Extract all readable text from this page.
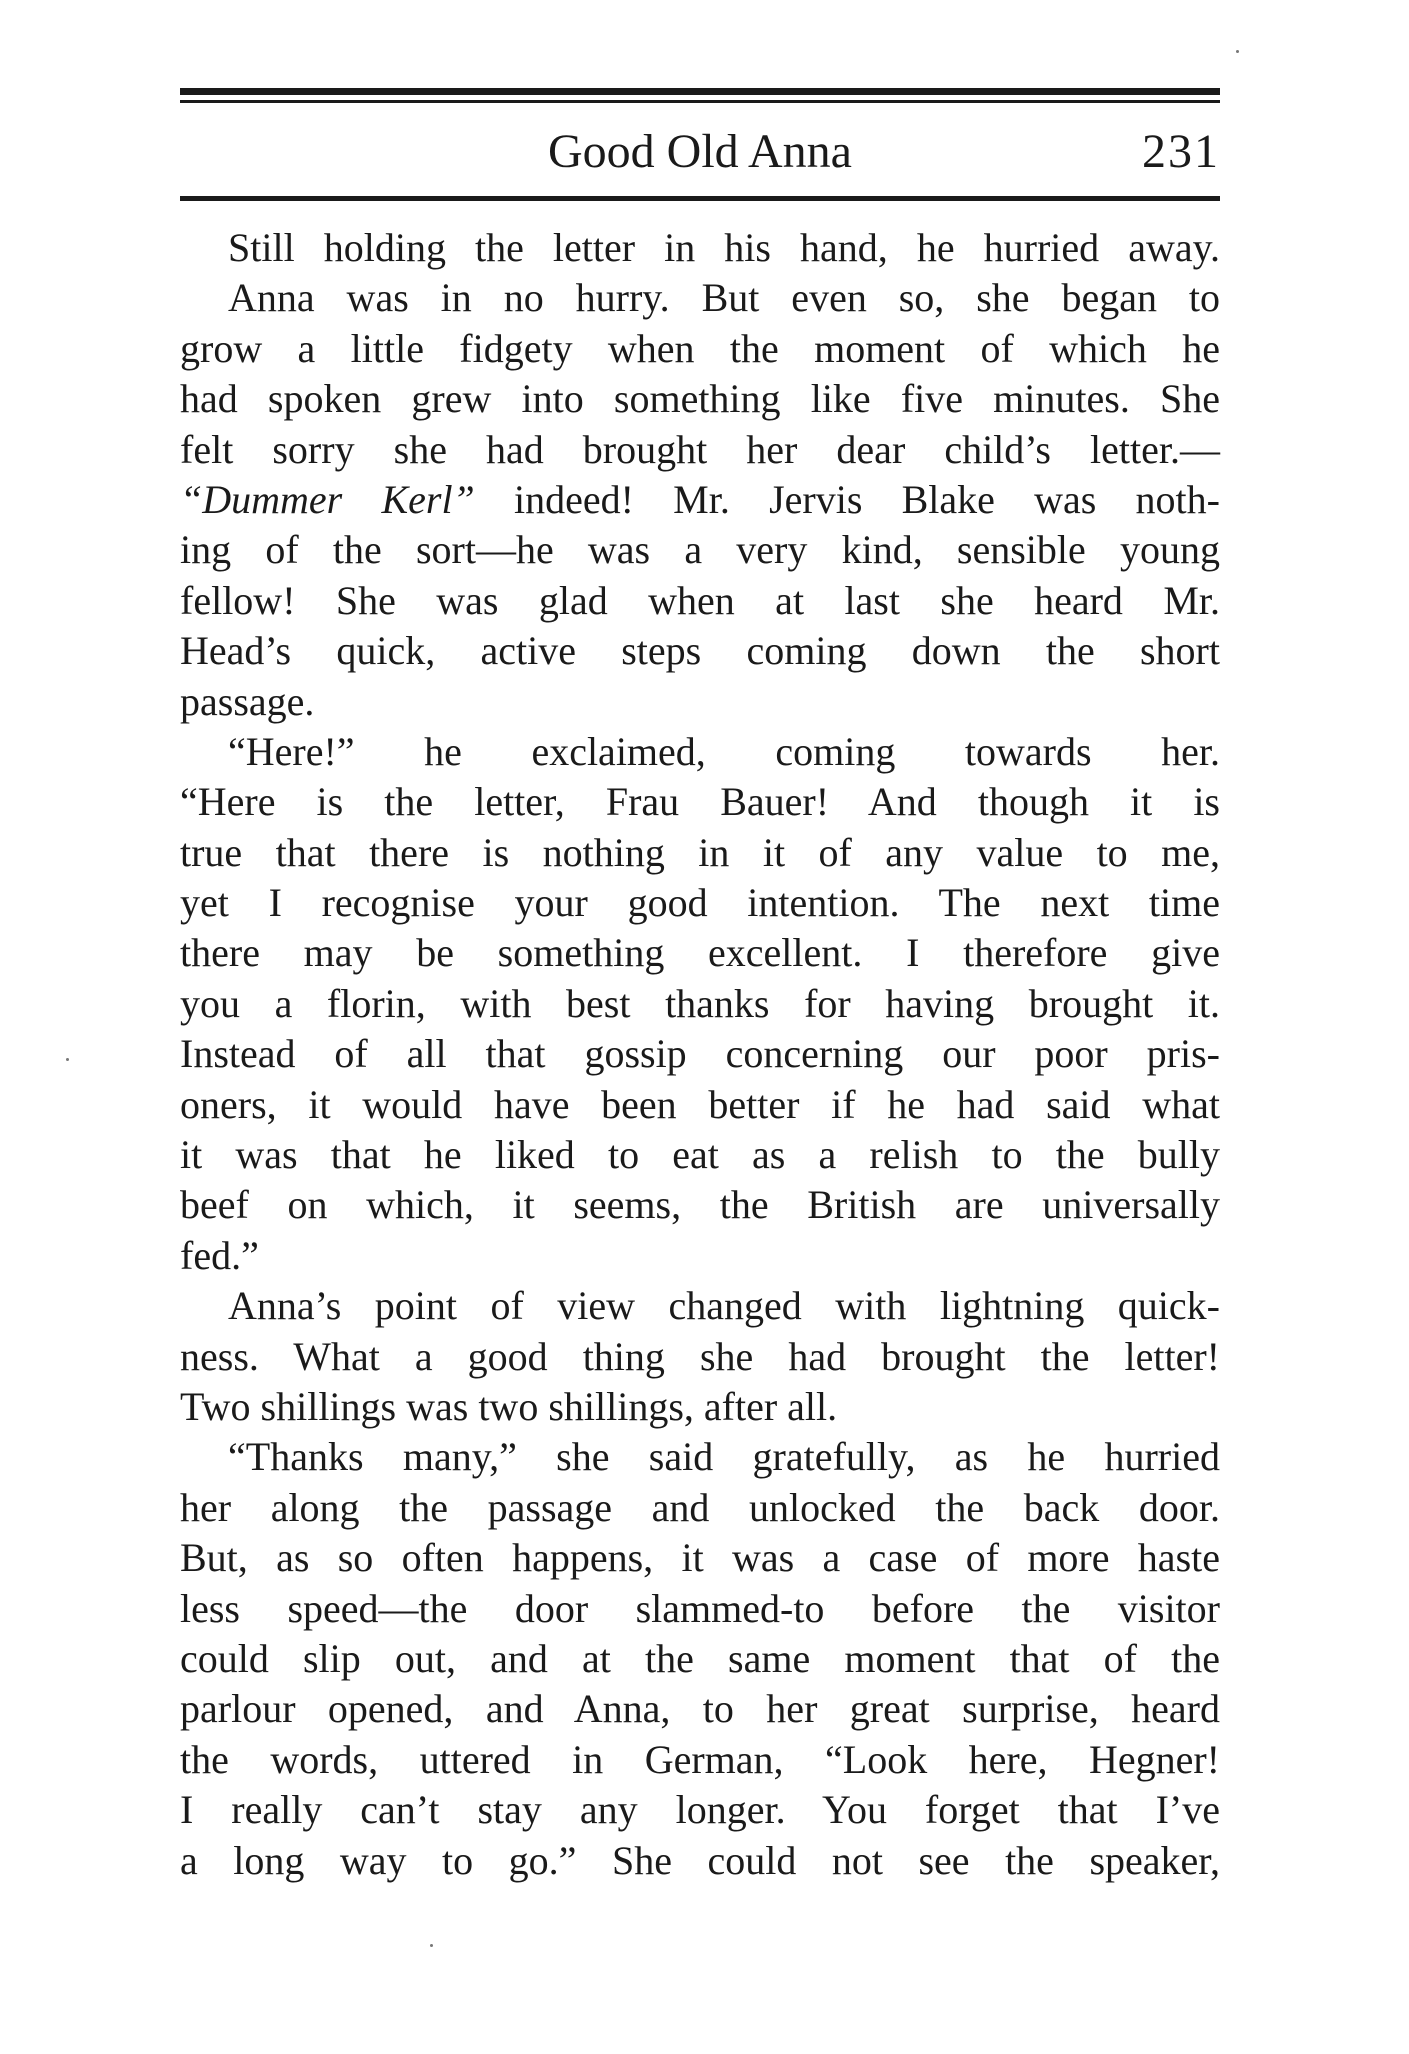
Good Old Anna	231
Still holding the letter in his hand, he hurried away.
Anna was in no hurry. But even so, she began to
grow a little fidgety when the moment of which he
had spoken grew into something like five minutes. She
felt sorry she had brought her dear child’s letter.—
“Dummer Kerl” indeed! Mr. Jervis Blake was noth-
ing of the sort—he was a very kind, sensible young
fellow! She was glad when at last she heard Mr.
Head’s quick, active steps coming down the short
passage.
“Here!” he exclaimed, coming towards her.
“Here is the letter, Frau Bauer! And though it is
true that there is nothing in it of any value to me,
yet I recognise your good intention. The next time
there may be something excellent. I therefore give
you a florin, with best thanks for having brought it.
Instead of all that gossip concerning our poor pris-
oners, it would have been better if he had said what
it was that he liked to eat as a relish to the bully
beef on which, it seems, the British are universally
fed.”
Anna’s point of view changed with lightning quick-
ness. What a good thing she had brought the letter!
Two shillings was two shillings, after all.
“Thanks many,” she said gratefully, as he hurried
her along the passage and unlocked the back door.
But, as so often happens, it was a case of more haste
less speed—the door slammed-to before the visitor
could slip out, and at the same moment that of the
parlour opened, and Anna, to her great surprise, heard
the words, uttered in German, “Look here, Hegner!
I really can’t stay any longer. You forget that I’ve
a long way to go.” She could not see the speaker,
